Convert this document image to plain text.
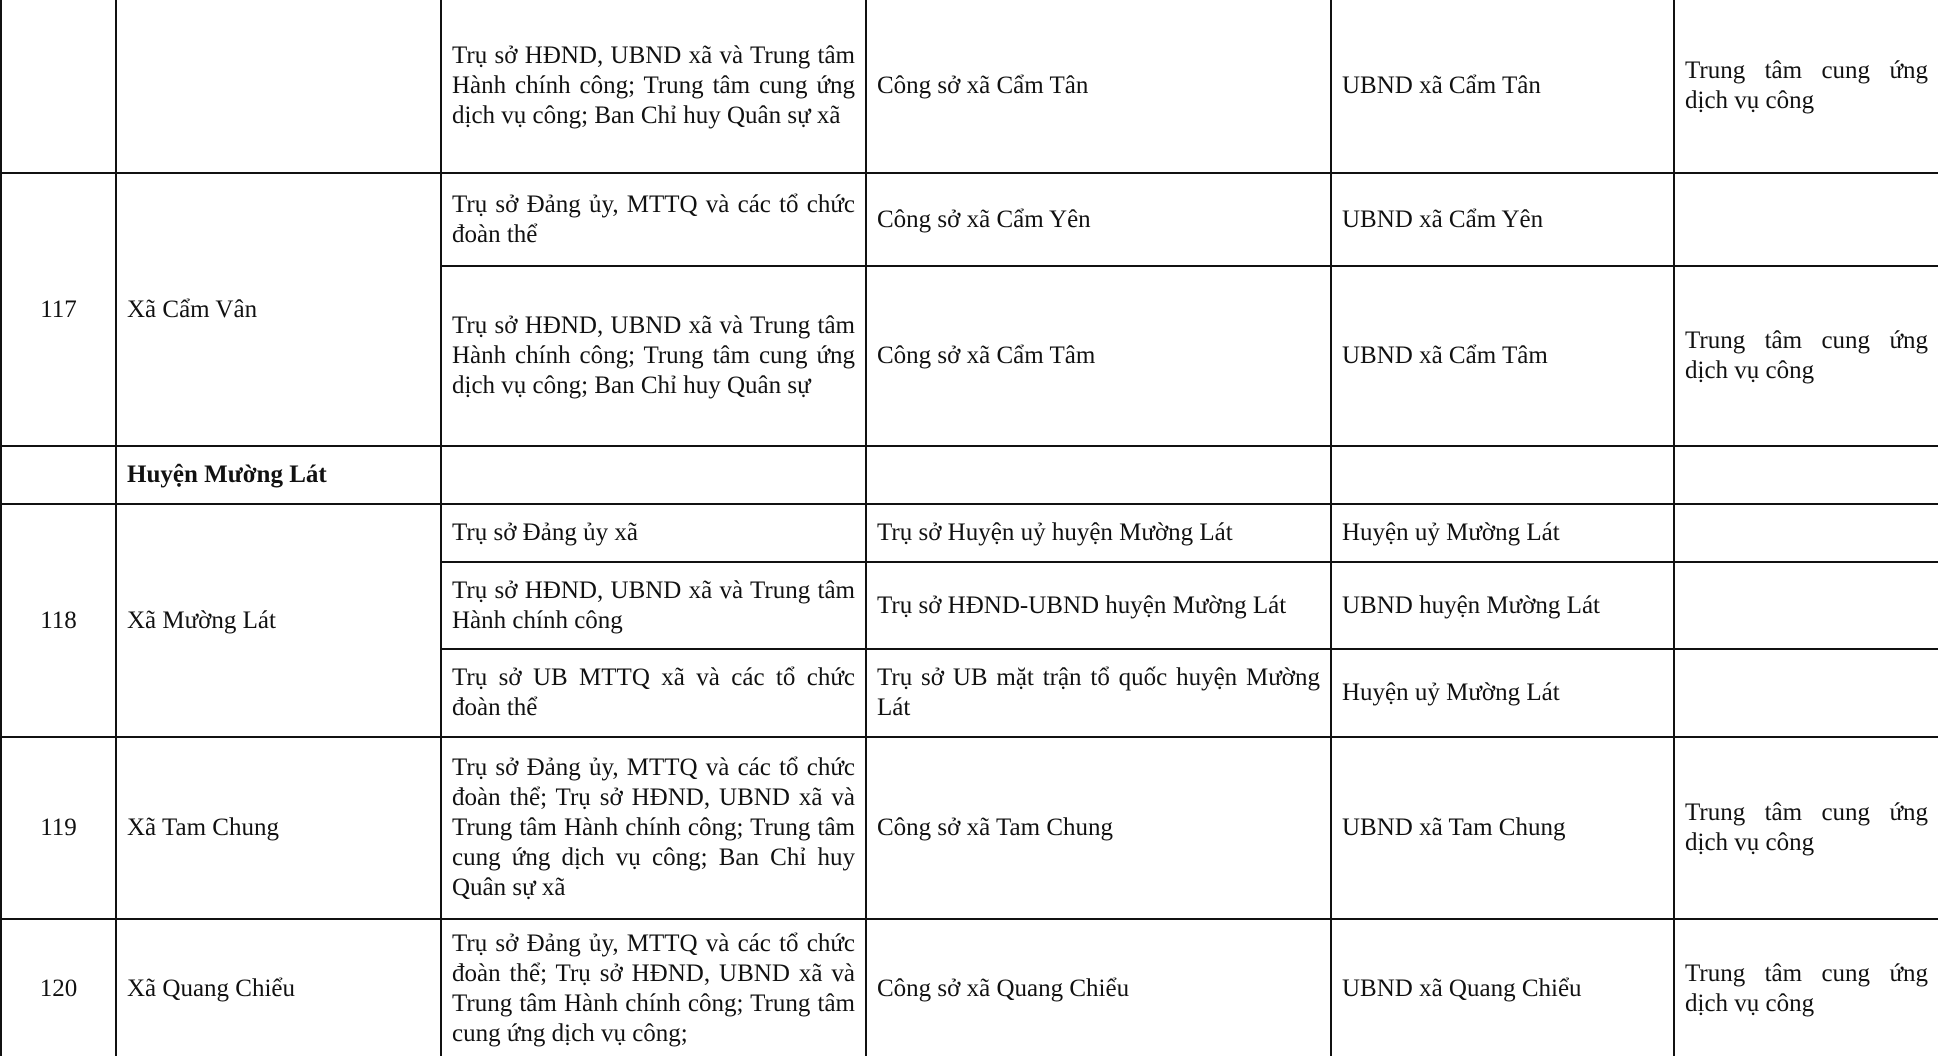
		Trụ sở HĐND, UBND xã và Trung tâm Hành chính công; Trung tâm cung ứng dịch vụ công; Ban Chỉ huy Quân sự xã	Công sở xã Cẩm Tân	UBND xã Cẩm Tân	Trung tâm cung ứng dịch vụ công
117	Xã Cẩm Vân	Trụ sở Đảng ủy, MTTQ và các tổ chức đoàn thể	Công sở xã Cẩm Yên	UBND xã Cẩm Yên	
		Trụ sở HĐND, UBND xã và Trung tâm Hành chính công; Trung tâm cung ứng dịch vụ công; Ban Chỉ huy Quân sự	Công sở xã Cẩm Tâm	UBND xã Cẩm Tâm	Trung tâm cung ứng dịch vụ công
	Huyện Mường Lát				
118	Xã Mường Lát	Trụ sở Đảng ủy xã	Trụ sở Huyện uỷ huyện Mường Lát	Huyện uỷ Mường Lát	
		Trụ sở HĐND, UBND xã và Trung tâm Hành chính công	Trụ sở HĐND-UBND huyện Mường Lát	UBND huyện Mường Lát	
		Trụ sở UB MTTQ xã và các tổ chức đoàn thể	Trụ sở UB mặt trận tổ quốc huyện Mường Lát	Huyện uỷ Mường Lát	
119	Xã Tam Chung	Trụ sở Đảng ủy, MTTQ và các tổ chức đoàn thể; Trụ sở HĐND, UBND xã và Trung tâm Hành chính công; Trung tâm cung ứng dịch vụ công; Ban Chỉ huy Quân sự xã	Công sở xã Tam Chung	UBND xã Tam Chung	Trung tâm cung ứng dịch vụ công
120	Xã Quang Chiểu	Trụ sở Đảng ủy, MTTQ và các tổ chức đoàn thể; Trụ sở HĐND, UBND xã và Trung tâm Hành chính công; Trung tâm cung ứng dịch vụ công;	Công sở xã Quang Chiểu	UBND xã Quang Chiểu	Trung tâm cung ứng dịch vụ công
